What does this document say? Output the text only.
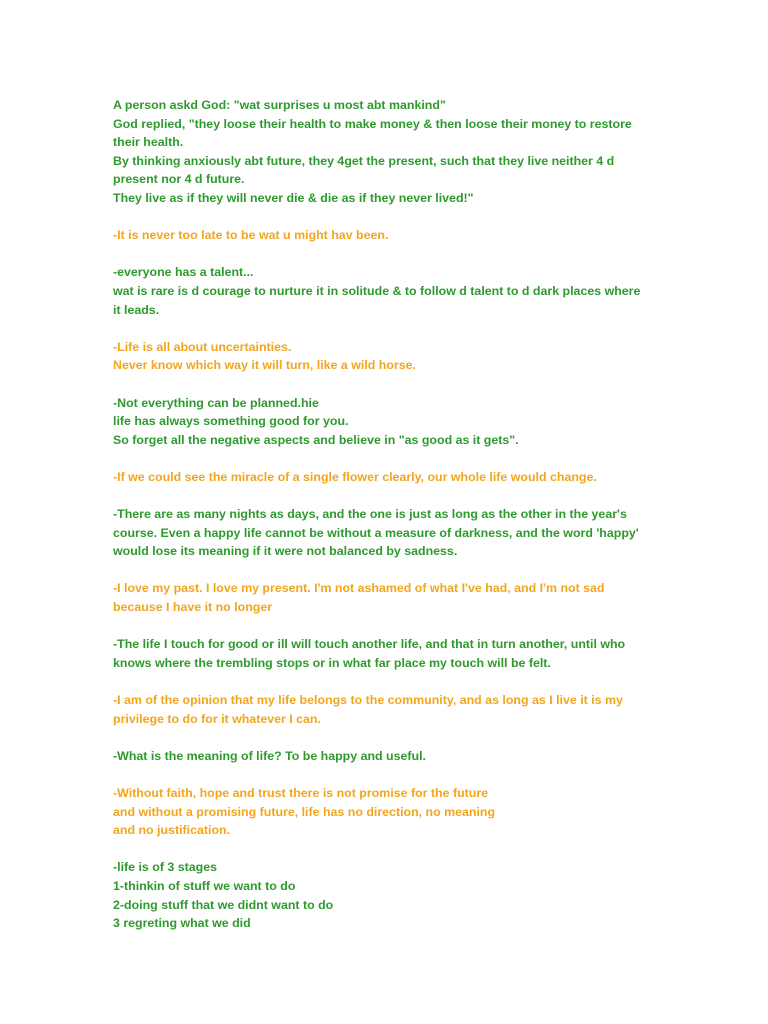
A person askd God: "wat surprises u most abt mankind"
God replied, "they loose their health to make money & then loose their money to restore
their health.
By thinking anxiously abt future, they 4get the present, such that they live neither 4 d
present nor 4 d future.
They live as if they will never die & die as if they never lived!"
-It is never too late to be wat u might hav been.
-everyone has a talent...
wat is rare is d courage to nurture it in solitude & to follow d talent to d dark places where
it leads.
-Life is all about uncertainties.
Never know which way it will turn, like a wild horse.
-Not everything can be planned.hie
life has always something good for you.
So forget all the negative aspects and believe in "as good as it gets".
-If we could see the miracle of a single flower clearly, our whole life would change.
-There are as many nights as days, and the one is just as long as the other in the year's
course. Even a happy life cannot be without a measure of darkness, and the word 'happy'
would lose its meaning if it were not balanced by sadness.
-I love my past. I love my present. I'm not ashamed of what I've had, and I'm not sad
because I have it no longer
-The life I touch for good or ill will touch another life, and that in turn another, until who
knows where the trembling stops or in what far place my touch will be felt.
-I am of the opinion that my life belongs to the community, and as long as I live it is my
privilege to do for it whatever I can.
-What is the meaning of life? To be happy and useful.
-Without faith, hope and trust there is not promise for the future
and without a promising future, life has no direction, no meaning
and no justification.
-life is of 3 stages
1-thinkin of stuff we want to do
2-doing stuff that we didnt want to do
3 regreting what we did
